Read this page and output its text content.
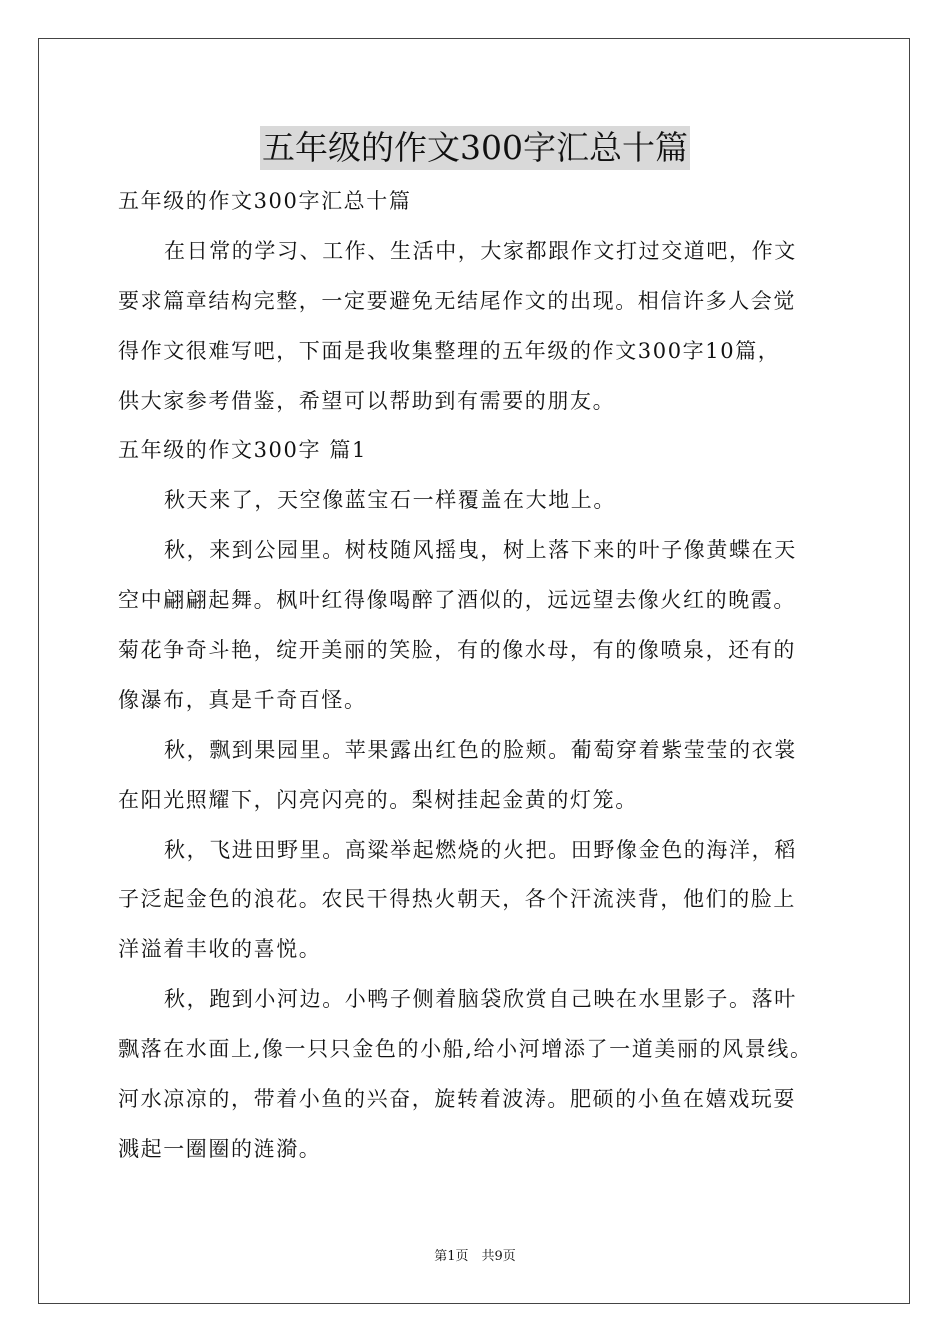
五年级的作文300字汇总十篇
五年级的作文300字汇总十篇
在日常的学习、工作、生活中，大家都跟作文打过交道吧，作文
要求篇章结构完整，一定要避免无结尾作文的出现。相信许多人会觉
得作文很难写吧，下面是我收集整理的五年级的作文300字10篇，
供大家参考借鉴，希望可以帮助到有需要的朋友。
五年级的作文300字 篇1
秋天来了，天空像蓝宝石一样覆盖在大地上。
秋，来到公园里。树枝随风摇曳，树上落下来的叶子像黄蝶在天
空中翩翩起舞。枫叶红得像喝醉了酒似的，远远望去像火红的晚霞。
菊花争奇斗艳，绽开美丽的笑脸，有的像水母，有的像喷泉，还有的
像瀑布，真是千奇百怪。
秋，飘到果园里。苹果露出红色的脸颊。葡萄穿着紫莹莹的衣裳
在阳光照耀下，闪亮闪亮的。梨树挂起金黄的灯笼。
秋，飞进田野里。高粱举起燃烧的火把。田野像金色的海洋，稻
子泛起金色的浪花。农民干得热火朝天，各个汗流浃背，他们的脸上
洋溢着丰收的喜悦。
秋，跑到小河边。小鸭子侧着脑袋欣赏自己映在水里影子。落叶
飘落在水面上,像一只只金色的小船,给小河增添了一道美丽的风景线。
河水凉凉的，带着小鱼的兴奋，旋转着波涛。肥硕的小鱼在嬉戏玩耍
溅起一圈圈的涟漪。
第1页　共9页
